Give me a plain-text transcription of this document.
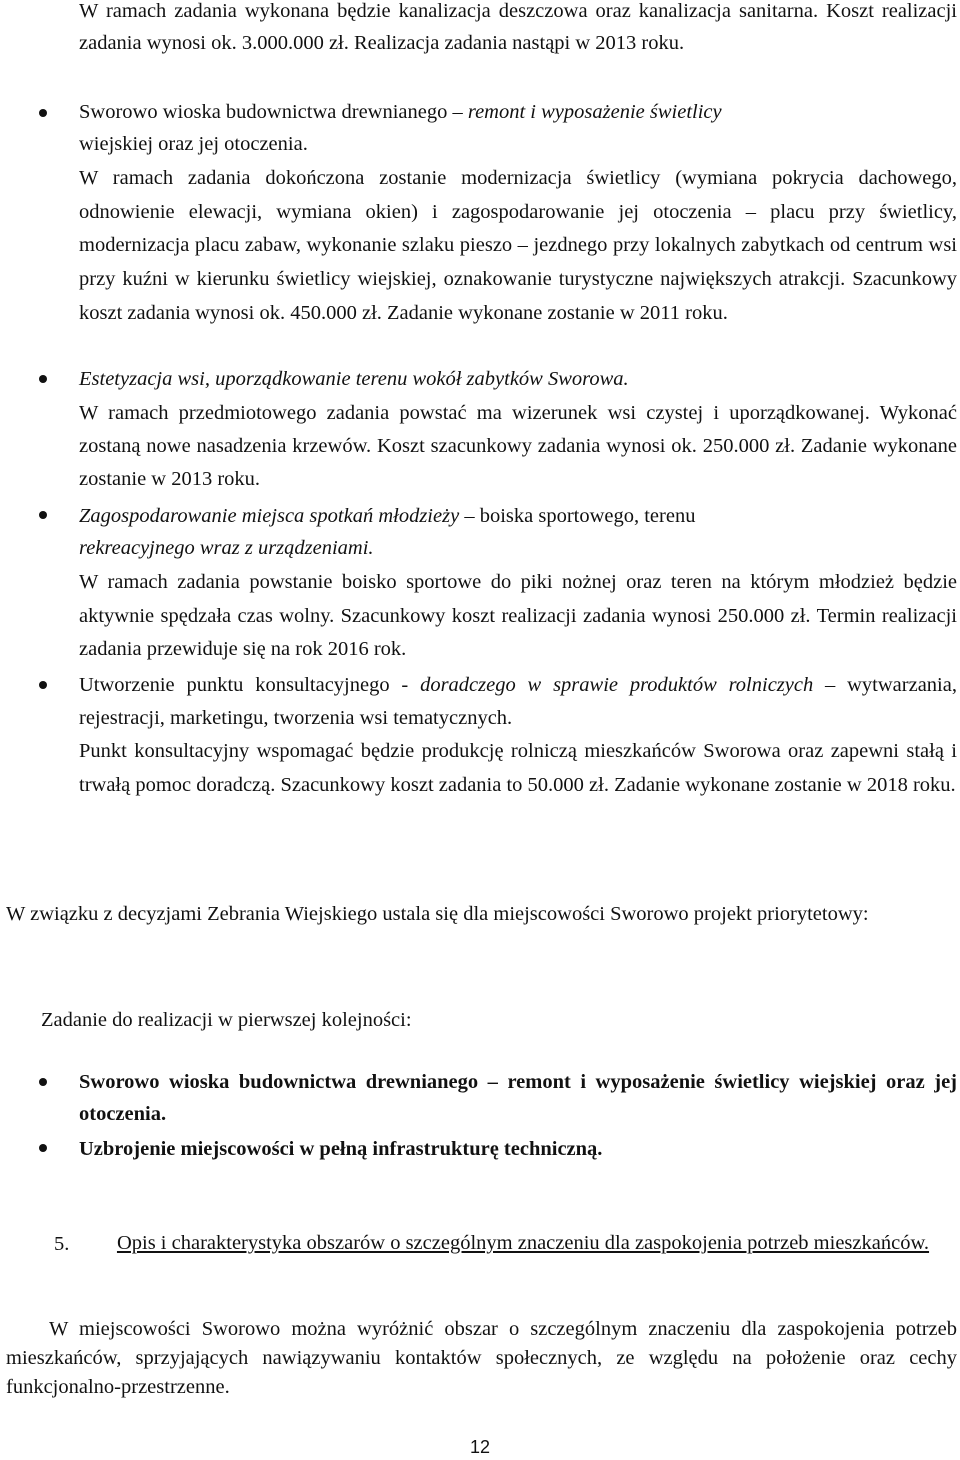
W ramach zadania wykonana będzie kanalizacja deszczowa oraz kanalizacja sanitarna. Koszt realizacji zadania wynosi ok. 3.000.000 zł. Realizacja zadania nastąpi w 2013 roku.

Sworowo wioska budownictwa drewnianego – remont i wyposażenie świetlicy
wiejskiej oraz jej otoczenia.

W ramach zadania dokończona zostanie modernizacja świetlicy (wymiana pokrycia dachowego, odnowienie elewacji, wymiana okien) i zagospodarowanie jej otoczenia – placu przy świetlicy, modernizacja placu zabaw, wykonanie szlaku pieszo – jezdnego przy lokalnych zabytkach od centrum wsi przy kuźni w kierunku świetlicy wiejskiej, oznakowanie turystyczne największych atrakcji. Szacunkowy koszt zadania wynosi ok. 450.000 zł. Zadanie wykonane zostanie w 2011 roku.

Estetyzacja wsi, uporządkowanie terenu wokół zabytków Sworowa.

W ramach przedmiotowego zadania powstać ma wizerunek wsi czystej i uporządkowanej. Wykonać zostaną nowe nasadzenia krzewów. Koszt szacunkowy zadania wynosi ok. 250.000 zł. Zadanie wykonane zostanie w 2013 roku.

Zagospodarowanie miejsca spotkań młodzieży – boiska sportowego, terenu
rekreacyjnego wraz z urządzeniami.

W ramach zadania powstanie boisko sportowe do piki nożnej oraz teren na którym młodzież będzie aktywnie spędzała czas wolny. Szacunkowy koszt realizacji zadania wynosi 250.000 zł. Termin realizacji zadania przewiduje się na rok 2016 rok.

Utworzenie punktu konsultacyjnego - doradczego w sprawie produktów rolniczych – wytwarzania, rejestracji, marketingu, tworzenia wsi tematycznych.

Punkt konsultacyjny wspomagać będzie produkcję rolniczą mieszkańców Sworowa oraz zapewni stałą i trwałą pomoc doradczą. Szacunkowy koszt zadania to 50.000 zł. Zadanie wykonane zostanie w 2018 roku.

W związku z decyzjami Zebrania Wiejskiego ustala się dla miejscowości Sworowo projekt priorytetowy:

Zadanie do realizacji w pierwszej kolejności:

Sworowo wioska budownictwa drewnianego – remont i wyposażenie świetlicy wiejskiej oraz jej otoczenia.

Uzbrojenie miejscowości w pełną infrastrukturę techniczną.

5.	Opis i charakterystyka obszarów o szczególnym znaczeniu dla zaspokojenia potrzeb mieszkańców.

W miejscowości Sworowo można wyróżnić obszar o szczególnym znaczeniu dla zaspokojenia potrzeb mieszkańców, sprzyjających nawiązywaniu kontaktów społecznych, ze względu na położenie oraz cechy funkcjonalno-przestrzenne.

12
